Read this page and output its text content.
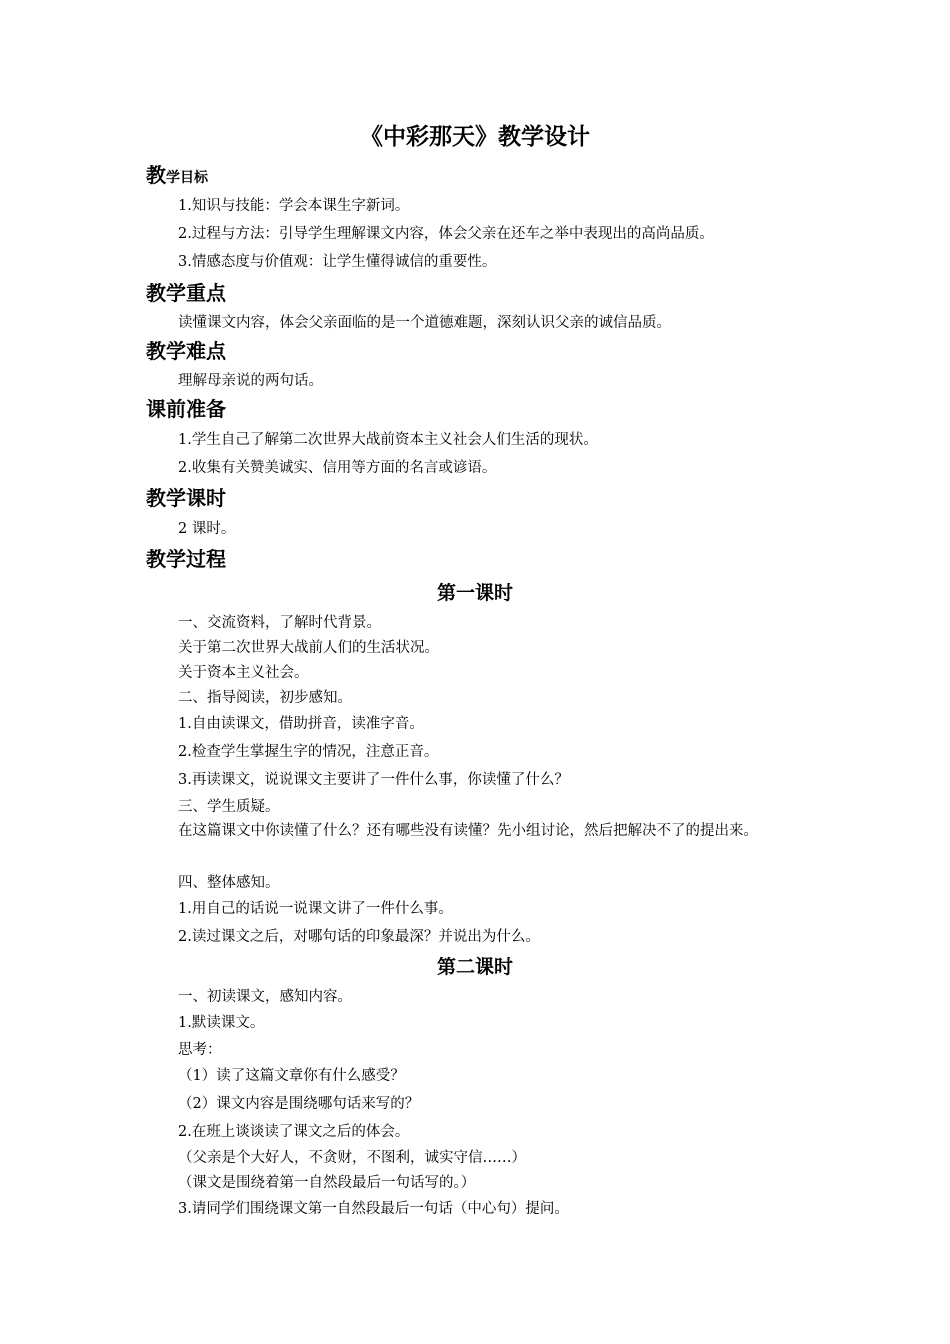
《中彩那天》教学设计
教学目标
1.知识与技能：学会本课生字新词。
2.过程与方法：引导学生理解课文内容，体会父亲在还车之举中表现出的高尚品质。
3.情感态度与价值观：让学生懂得诚信的重要性。
教学重点
读懂课文内容，体会父亲面临的是一个道德难题，深刻认识父亲的诚信品质。
教学难点
理解母亲说的两句话。
课前准备
1.学生自己了解第二次世界大战前资本主义社会人们生活的现状。
2.收集有关赞美诚实、信用等方面的名言或谚语。
教学课时
2 课时。
教学过程
第一课时
一、交流资料，了解时代背景。
关于第二次世界大战前人们的生活状况。
关于资本主义社会。
二、指导阅读，初步感知。
1.自由读课文，借助拼音，读准字音。
2.检查学生掌握生字的情况，注意正音。
3.再读课文，说说课文主要讲了一件什么事，你读懂了什么？
三、学生质疑。
在这篇课文中你读懂了什么？还有哪些没有读懂？先小组讨论，然后把解决不了的提出来。
四、整体感知。
1.用自己的话说一说课文讲了一件什么事。
2.读过课文之后，对哪句话的印象最深？并说出为什么。
第二课时
一、初读课文，感知内容。
1.默读课文。
思考：
（1）读了这篇文章你有什么感受？
（2）课文内容是围绕哪句话来写的？
2.在班上谈谈读了课文之后的体会。
（父亲是个大好人，不贪财，不图利，诚实守信……）
（课文是围绕着第一自然段最后一句话写的。）
3.请同学们围绕课文第一自然段最后一句话（中心句）提问。
